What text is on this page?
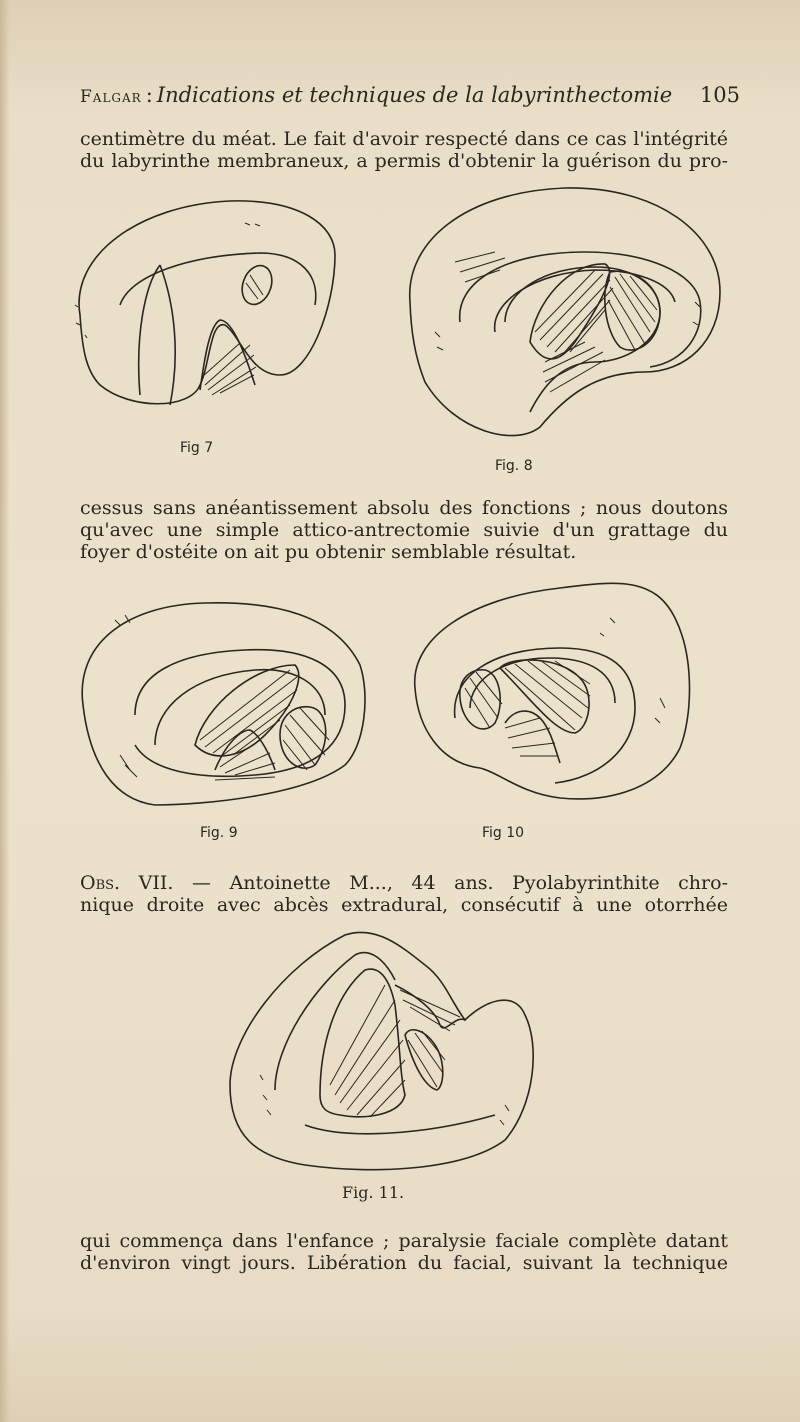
Falgar : Indications et techniques de la labyrinthectomie 105
centimètre du méat. Le fait d'avoir respecté dans ce cas l'intégrité
du labyrinthe membraneux, a permis d'obtenir la guérison du pro-
Fig 7
Fig. 8
cessus sans anéantissement absolu des fonctions ; nous doutons
qu'avec une simple attico-antrectomie suivie d'un grattage du
foyer d'ostéite on ait pu obtenir semblable résultat.
Fig. 9	Fig 10
Obs. VII. — Antoinette M..., 44 ans. Pyolabyrinthite chro-
nique droite avec abcès extradural, consécutif à une otorrhée
Fig. 11.
qui commença dans l'enfance ; paralysie faciale complète datant
d'environ vingt jours. Libération du facial, suivant la technique
